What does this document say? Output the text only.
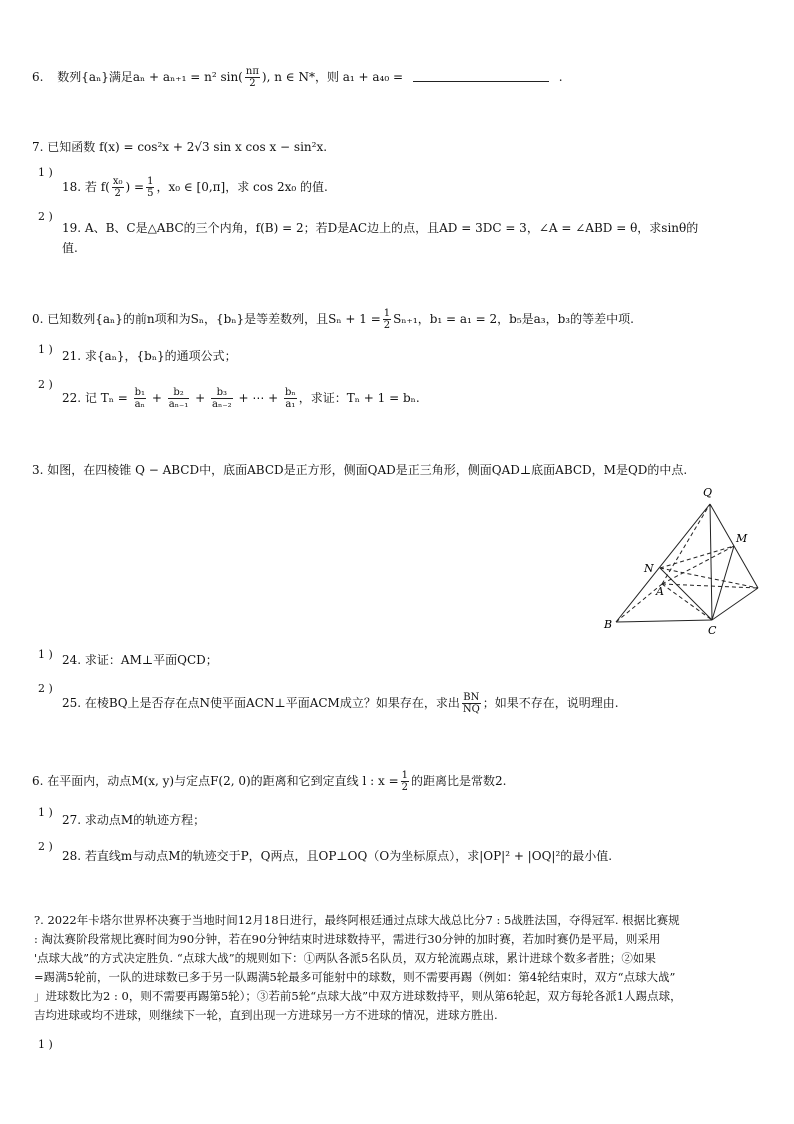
6. 数列{aₙ}满足aₙ + aₙ₊₁ = n² $\sin( \frac{n\pi}{2}$ ), n ∈ N*，则 a₁ + a₄₀ =	.
7. 已知函数 f(x) = cos²x + 2√3 sin x cos x − sin²x.
1 )
18. 若 $f( \frac{\text{x₀}}{2}$ ) = $\frac{1}{5}$ ，x₀ ∈ [0,π]，求 cos 2x₀ 的值.
2 )
19. A、B、C是△ABC的三个内角，f(B) = 2；若D是AC边上的点，且AD = 3DC = 3，∠A = ∠ABD = θ，求sinθ的
值.
0. 已知数列{aₙ}的前n项和为Sₙ，{bₙ}是等差数列，且$S_n + 1 = \frac{1}{2} S_{n+1}$，b₁ = a₁ = 2，b₅是a₃，b₃的等差中项.
1 ) 21. 求{aₙ}，{bₙ}的通项公式；
2 )
22. 记 $T_n = \frac{\text{b₁}}{\text{aₙ}} + \frac{\text{b₂}}{\text{aₙ₋₁}} + \frac{\text{b₃}}{\text{aₙ₋₂}}$ + ⋯ + $\frac{\text{bₙ}}{\text{a₁}}$ ，求证：Tₙ + 1 = bₙ.
3. 如图，在四棱锥 Q − ABCD中，底面ABCD是正方形，侧面QAD是正三角形，侧面QAD⊥底面ABCD，M是QD的中点.
Q
M
N
A
B	C
1 ) 24. 求证：AM⊥平面QCD；
2 )
25. 在棱BQ上是否存在点N使平面ACN⊥平面ACM成立？如果存在，求出 $\frac{BN}{NQ}$ ；如果不存在，说明理由.
6. 在平面内，动点M(x, y)与定点F(2, 0)的距离和它到定直线 l : $x = \frac{1}{2}$ 的距离比是常数2.
1 )
27. 求动点M的轨迹方程；
2 )
28. 若直线m与动点M的轨迹交于P，Q两点，且OP⊥OQ（O为坐标原点），求|OP|² + |OQ|²的最小值.
?. 2022年卡塔尔世界杯决赛于当地时间12月18日进行，最终阿根廷通过点球大战总比分7 : 5战胜法国，夺得冠军. 根据比赛规
: 淘汰赛阶段常规比赛时间为90分钟，若在90分钟结束时进球数持平，需进行30分钟的加时赛，若加时赛仍是平局，则采用
'点球大战”的方式决定胜负. “点球大战”的规则如下：①两队各派5名队员，双方轮流踢点球，累计进球个数多者胜；②如果
=踢满5轮前，一队的进球数已多于另一队踢满5轮最多可能射中的球数，则不需要再踢（例如：第4轮结束时，双方“点球大战”
」进球数比为2 : 0，则不需要再踢第5轮）；③若前5轮“点球大战”中双方进球数持平，则从第6轮起，双方每轮各派1人踢点球，
吉均进球或均不进球，则继续下一轮，直到出现一方进球另一方不进球的情况，进球方胜出.
1 )
